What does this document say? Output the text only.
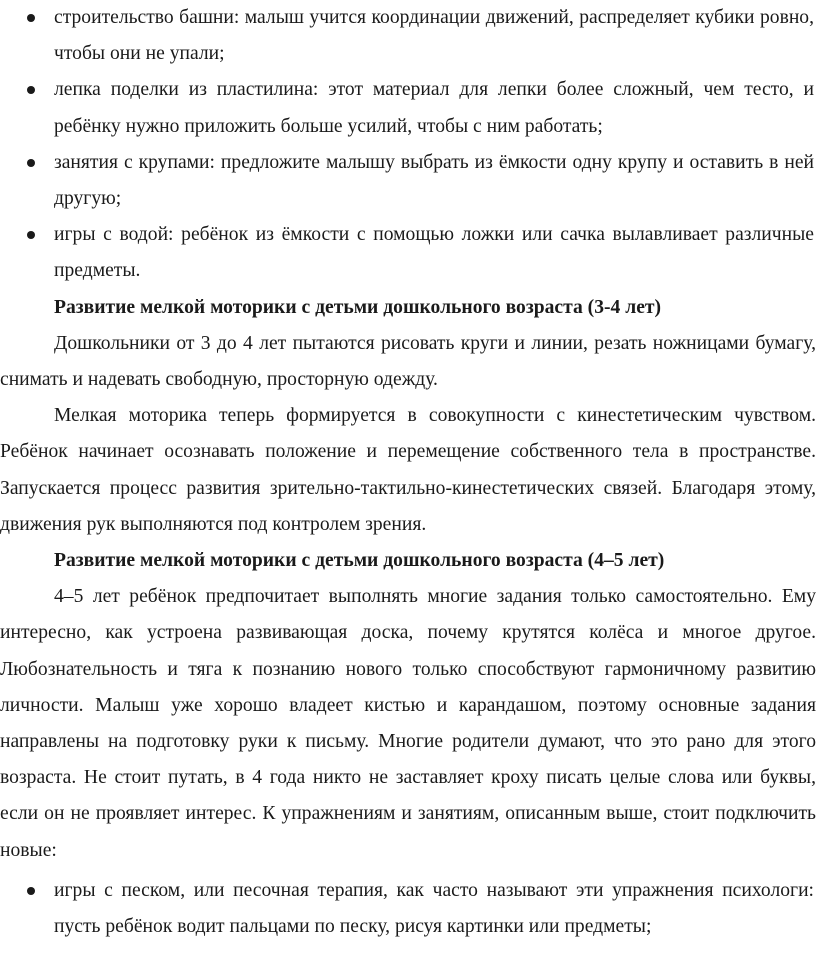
строительство башни: малыш учится координации движений, распределяет кубики ровно, чтобы они не упали;
лепка поделки из пластилина: этот материал для лепки более сложный, чем тесто, и ребёнку нужно приложить больше усилий, чтобы с ним работать;
занятия с крупами: предложите малышу выбрать из ёмкости одну крупу и оставить в ней другую;
игры с водой: ребёнок из ёмкости с помощью ложки или сачка вылавливает различные предметы.

Развитие мелкой моторики с детьми дошкольного возраста (3-4 лет)

Дошкольники от 3 до 4 лет пытаются рисовать круги и линии, резать ножницами бумагу, снимать и надевать свободную, просторную одежду.

Мелкая моторика теперь формируется в совокупности с кинестетическим чувством. Ребёнок начинает осознавать положение и перемещение собственного тела в пространстве. Запускается процесс развития зрительно-тактильно-кинестетических связей. Благодаря этому, движения рук выполняются под контролем зрения.

Развитие мелкой моторики с детьми дошкольного возраста (4–5 лет)

4–5 лет ребёнок предпочитает выполнять многие задания только самостоятельно. Ему интересно, как устроена развивающая доска, почему крутятся колёса и многое другое. Любознательность и тяга к познанию нового только способствуют гармоничному развитию личности. Малыш уже хорошо владеет кистью и карандашом, поэтому основные задания направлены на подготовку руки к письму. Многие родители думают, что это рано для этого возраста. Не стоит путать, в 4 года никто не заставляет кроху писать целые слова или буквы, если он не проявляет интерес. К упражнениям и занятиям, описанным выше, стоит подключить новые:

игры с песком, или песочная терапия, как часто называют эти упражнения психологи: пусть ребёнок водит пальцами по песку, рисуя картинки или предметы;
